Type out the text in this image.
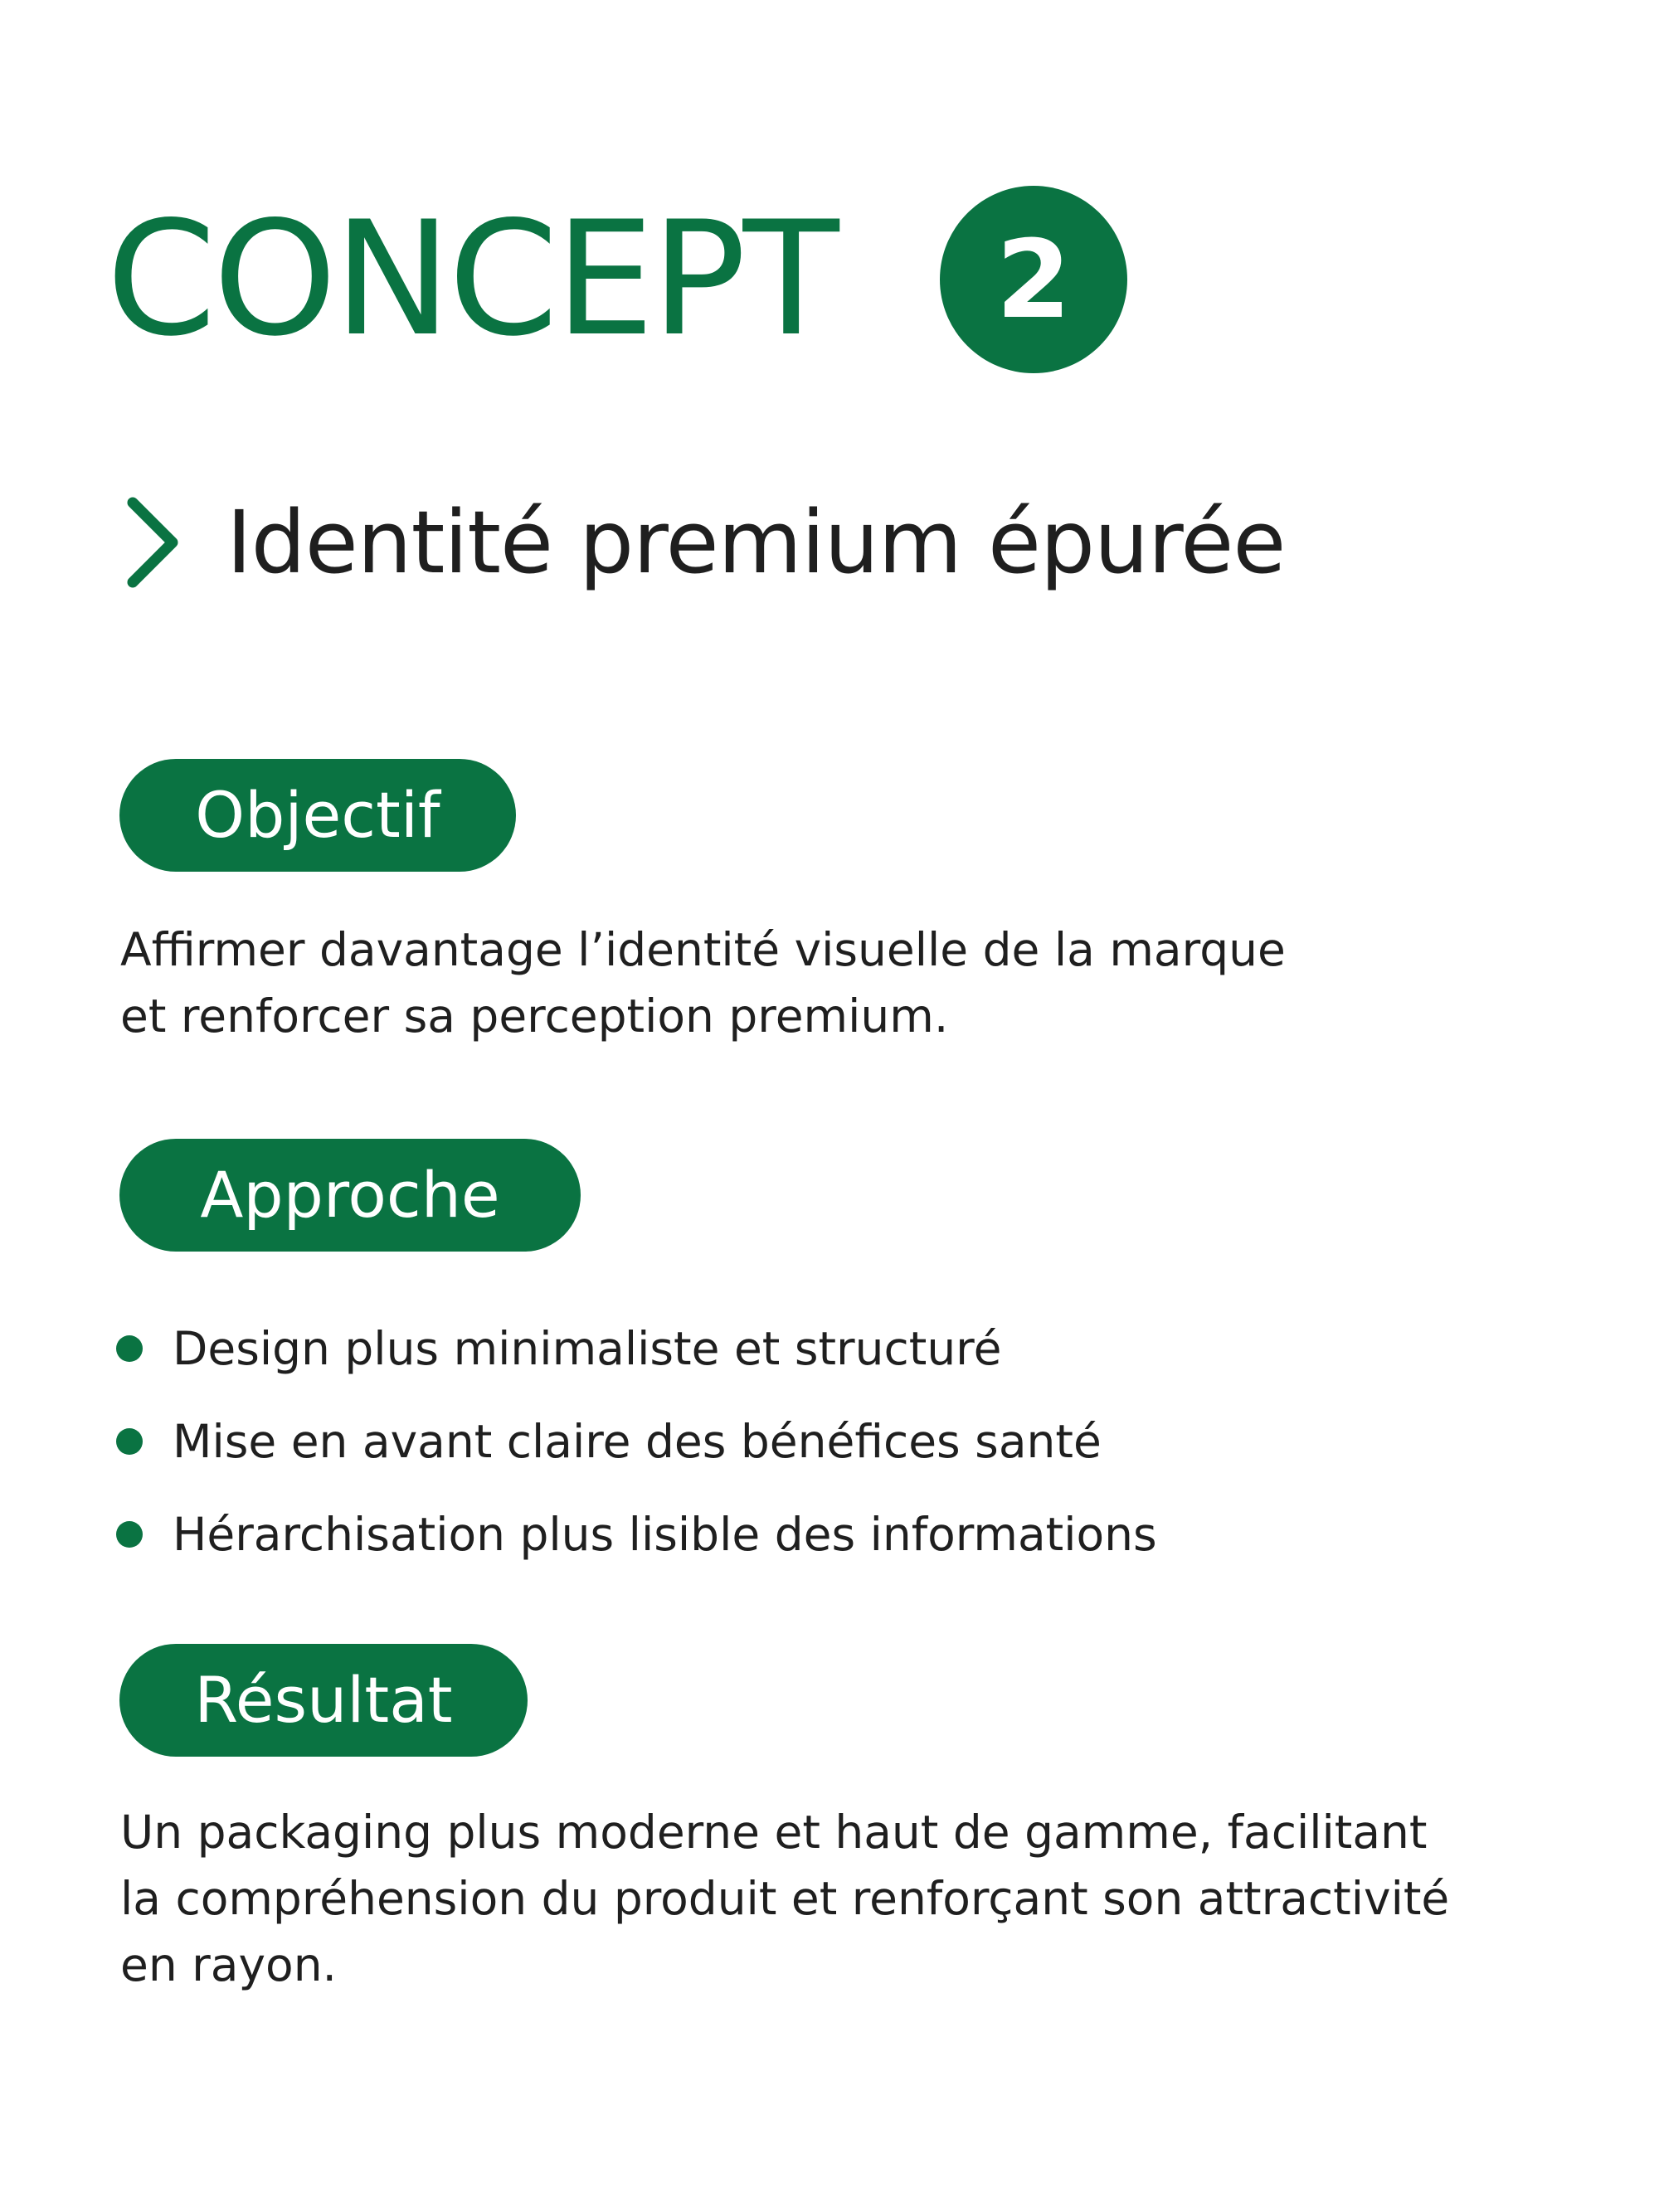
CONCEPT	2
Identité premium épurée
Objectif

Affirmer davantage l’identité visuelle de la marque
et renforcer sa perception premium.

Approche
Design plus minimaliste et structuré
Mise en avant claire des bénéfices santé
Hérarchisation plus lisible des informations
Résultat

Un packaging plus moderne et haut de gamme, facilitant
la compréhension du produit et renforçant son attractivité
en rayon.
